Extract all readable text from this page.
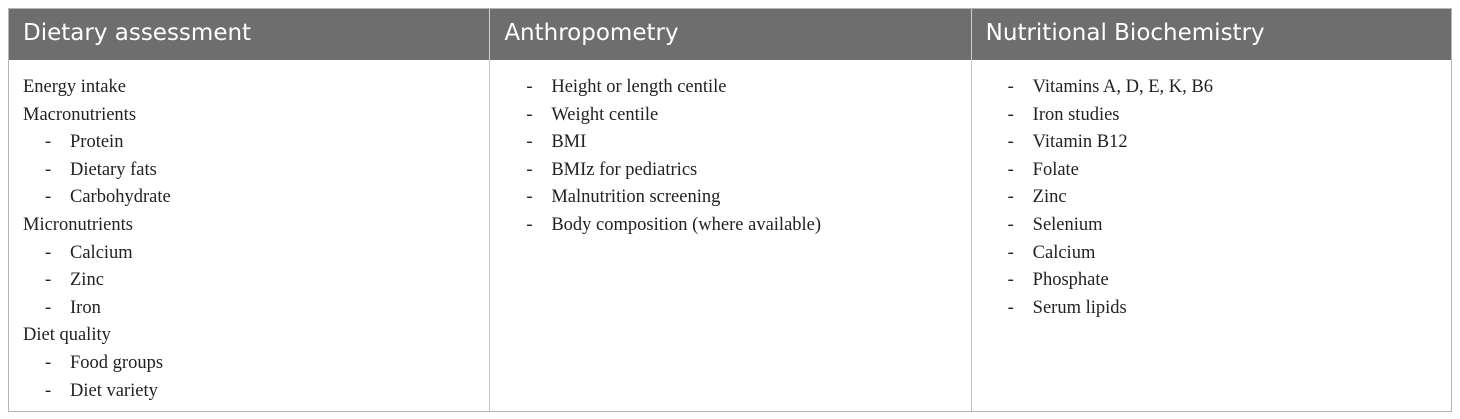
Dietary assessment	Anthropometry	Nutritional Biochemistry
Energy intake
Macronutrients
- Protein
- Dietary fats
- Carbohydrate
Micronutrients
- Calcium
- Zinc
- Iron
Diet quality
- Food groups
- Diet variety
- Height or length centile
- Weight centile
- BMI
- BMIz for pediatrics
- Malnutrition screening
- Body composition (where available)
- Vitamins A, D, E, K, B6
- Iron studies
- Vitamin B12
- Folate
- Zinc
- Selenium
- Calcium
- Phosphate
- Serum lipids
